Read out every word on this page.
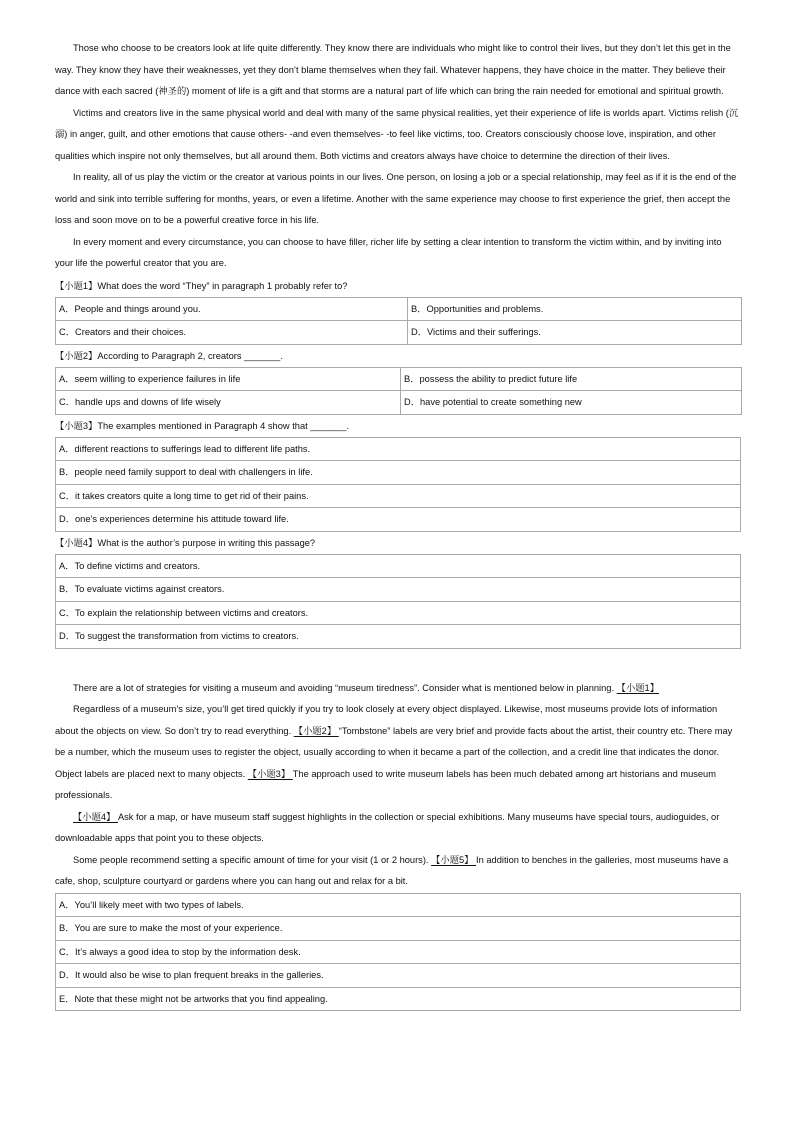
Those who choose to be creators look at life quite differently. They know there are individuals who might like to control their lives, but they don’t let this get in the way. They know they have their weaknesses, yet they don’t blame themselves when they fail. Whatever happens, they have choice in the matter. They believe their dance with each sacred (神圣的) moment of life is a gift and that storms are a natural part of life which can bring the rain needed for emotional and spiritual growth.

Victims and creators live in the same physical world and deal with many of the same physical realities, yet their experience of life is worlds apart. Victims relish (沉溺) in anger, guilt, and other emotions that cause others- -and even themselves- -to feel like victims, too. Creators consciously choose love, inspiration, and other qualities which inspire not only themselves, but all around them. Both victims and creators always have choice to determine the direction of their lives.

In reality, all of us play the victim or the creator at various points in our lives. One person, on losing a job or a special relationship, may feel as if it is the end of the world and sink into terrible suffering for months, years, or even a lifetime. Another with the same experience may choose to first experience the grief, then accept the loss and soon move on to be a powerful creative force in his life.

In every moment and every circumstance, you can choose to have filler, richer life by setting a clear intention to transform the victim within, and by inviting into your life the powerful creator that you are.

【小题1】What does the word “They” in paragraph 1 probably refer to?
A．People and things around you.	B．Opportunities and problems.
C．Creators and their choices.	D．Victims and their sufferings.
【小题2】According to Paragraph 2, creators _______.
A．seem willing to experience failures in life	B．possess the ability to predict future life
C．handle ups and downs of life wisely	D．have potential to create something new
【小题3】The examples mentioned in Paragraph 4 show that _______.
A．different reactions to sufferings lead to different life paths.
B．people need family support to deal with challengers in life.
C．it takes creators quite a long time to get rid of their pains.
D．one’s experiences determine his attitude toward life.
【小题4】What is the author’s purpose in writing this passage?
A．To define victims and creators.
B．To evaluate victims against creators.
C．To explain the relationship between victims and creators.
D．To suggest the transformation from victims to creators.

There are a lot of strategies for visiting a museum and avoiding “museum tiredness”. Consider what is mentioned below in planning. 【小题1】

Regardless of a museum’s size, you’ll get tired quickly if you try to look closely at every object displayed. Likewise, most museums provide lots of information about the objects on view. So don’t try to read everything. 【小题2】 “Tombstone” labels are very brief and provide facts about the artist, their country etc. There may be a number, which the museum uses to register the object, usually according to when it became a part of the collection, and a credit line that indicates the donor. Object labels are placed next to many objects. 【小题3】 The approach used to write museum labels has been much debated among art historians and museum professionals.

【小题4】 Ask for a map, or have museum staff suggest highlights in the collection or special exhibitions. Many museums have special tours, audioguides, or downloadable apps that point you to these objects.

Some people recommend setting a specific amount of time for your visit (1 or 2 hours). 【小题5】 In addition to benches in the galleries, most museums have a cafe, shop, sculpture courtyard or gardens where you can hang out and relax for a bit.

A．You’ll likely meet with two types of labels.
B．You are sure to make the most of your experience.
C．It’s always a good idea to stop by the information desk.
D．It would also be wise to plan frequent breaks in the galleries.
E．Note that these might not be artworks that you find appealing.
